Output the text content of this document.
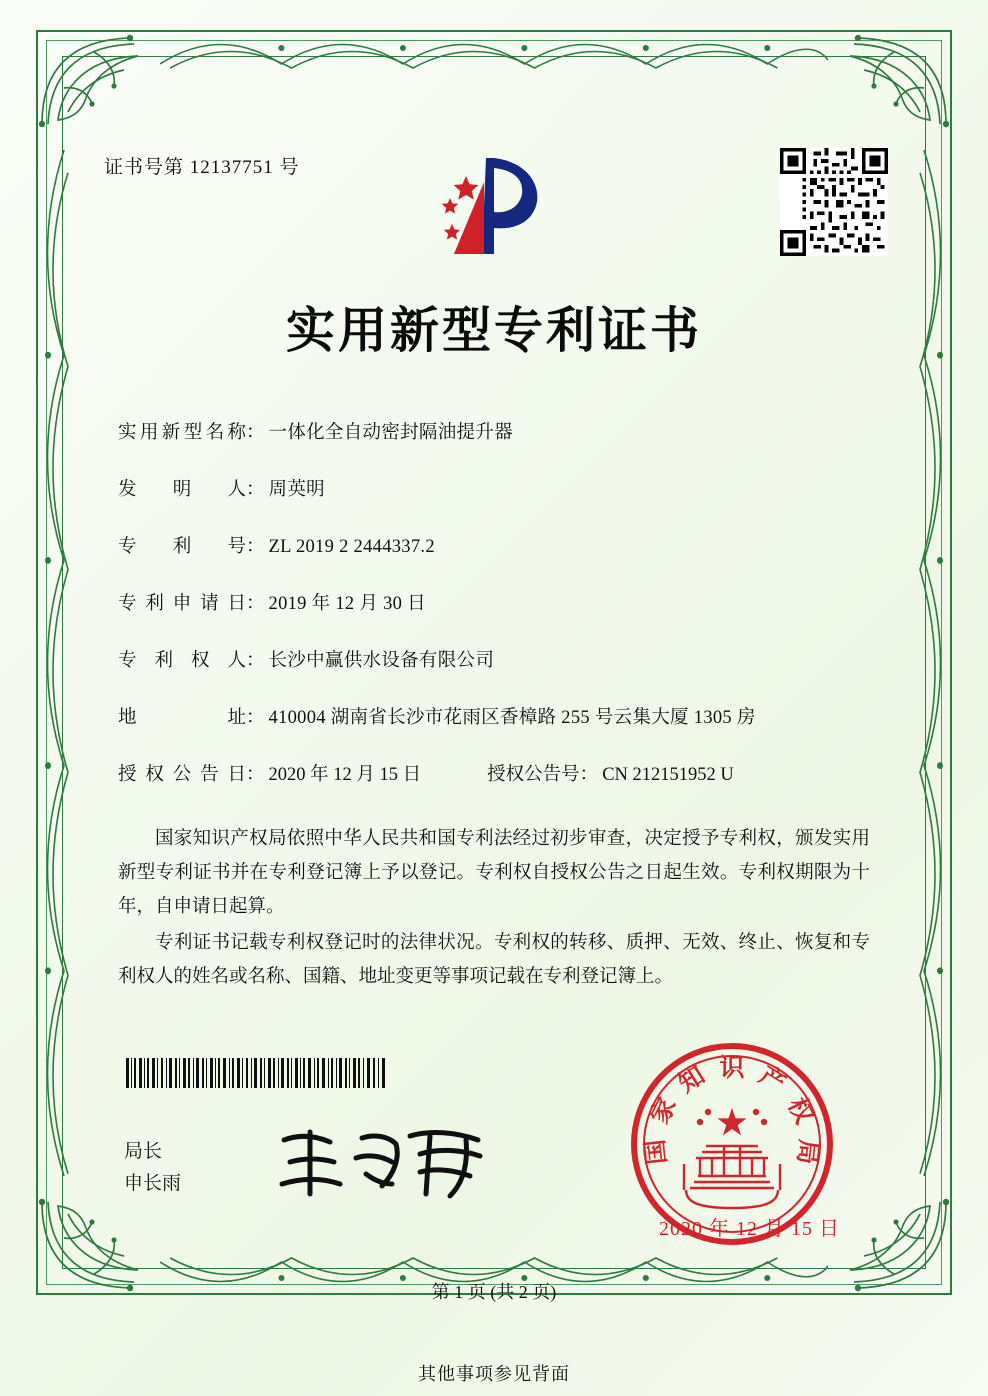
证书号第 12137751 号
实用新型专利证书
实用新型名称 ： 一体化全自动密封隔油提升器
发明人 ： 周英明
专利号 ： ZL 2019 2 2444337.2
专利申请日 ： 2019 年 12 月 30 日
专利权人 ： 长沙中赢供水设备有限公司
地址 ： 410004 湖南省长沙市花雨区香樟路 255 号云集大厦 1305 房
授权公告日 ： 2020 年 12 月 15 日	授权公告号 ： CN 212151952 U

国家知识产权局依照中华人民共和国专利法经过初步审查，决定授予专利权，颁发实用新型专利证书并在专利登记簿上予以登记。专利权自授权公告之日起生效。专利权期限为十年，自申请日起算。

专利证书记载专利权登记时的法律状况。专利权的转移、质押、无效、终止、恢复和专利权人的姓名或名称、国籍、地址变更等事项记载在专利登记簿上。

识
知
家
国
产
权
局
2020 年 12 月 15 日
局长
申长雨
第 1 页 (共 2 页)
其他事项参见背面
